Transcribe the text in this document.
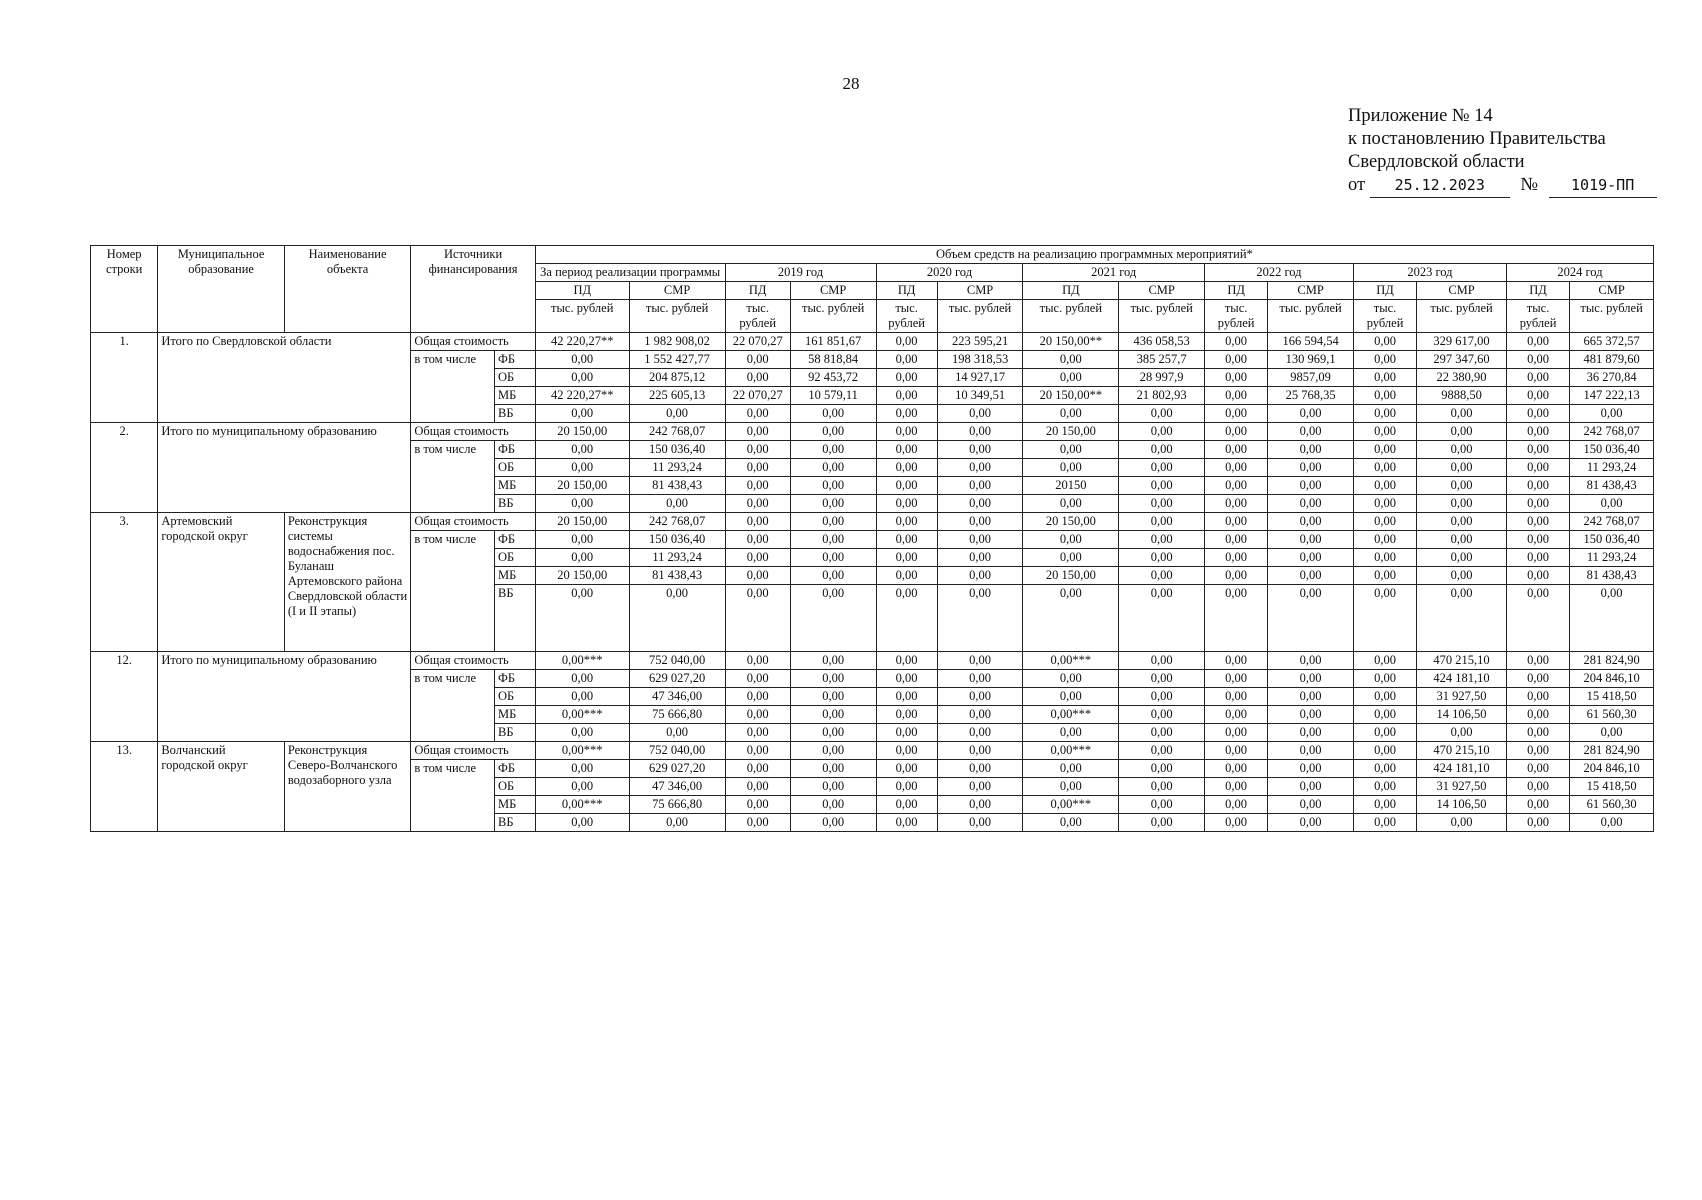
28
Приложение № 14
к постановлению Правительства
Свердловской области
от 25.12.2023 № 1019-ПП
Номер строки	Муниципальное образование	Наименование объекта	Источники финансирования		Объем средств на реализацию программных мероприятий*													
					За период реализации программы		2019 год		2020 год		2021 год		2022 год		2023 год		2024 год	
					ПД	СМР	ПД	СМР	ПД	СМР	ПД	СМР	ПД	СМР	ПД	СМР	ПД	СМР
					тыс. рублей	тыс. рублей	тыс. рублей	тыс. рублей	тыс. рублей	тыс. рублей	тыс. рублей	тыс. рублей	тыс. рублей	тыс. рублей	тыс. рублей	тыс. рублей	тыс. рублей	тыс. рублей
1.	Итого по Свердловской области		Общая стоимость		42 220,27**	1 982 908,02	22 070,27	161 851,67	0,00	223 595,21	20 150,00**	436 058,53	0,00	166 594,54	0,00	329 617,00	0,00	665 372,57
			в том числе	ФБ	0,00	1 552 427,77	0,00	58 818,84	0,00	198 318,53	0,00	385 257,7	0,00	130 969,1	0,00	297 347,60	0,00	481 879,60
				ОБ	0,00	204 875,12	0,00	92 453,72	0,00	14 927,17	0,00	28 997,9	0,00	9857,09	0,00	22 380,90	0,00	36 270,84
				МБ	42 220,27**	225 605,13	22 070,27	10 579,11	0,00	10 349,51	20 150,00**	21 802,93	0,00	25 768,35	0,00	9888,50	0,00	147 222,13
				ВБ	0,00	0,00	0,00	0,00	0,00	0,00	0,00	0,00	0,00	0,00	0,00	0,00	0,00	0,00
2.	Итого по муниципальному образованию		Общая стоимость		20 150,00	242 768,07	0,00	0,00	0,00	0,00	20 150,00	0,00	0,00	0,00	0,00	0,00	0,00	242 768,07
			в том числе	ФБ	0,00	150 036,40	0,00	0,00	0,00	0,00	0,00	0,00	0,00	0,00	0,00	0,00	0,00	150 036,40
				ОБ	0,00	11 293,24	0,00	0,00	0,00	0,00	0,00	0,00	0,00	0,00	0,00	0,00	0,00	11 293,24
				МБ	20 150,00	81 438,43	0,00	0,00	0,00	0,00	20150	0,00	0,00	0,00	0,00	0,00	0,00	81 438,43
				ВБ	0,00	0,00	0,00	0,00	0,00	0,00	0,00	0,00	0,00	0,00	0,00	0,00	0,00	0,00
3.	Артемовский городской округ	Реконструкция системы водоснабжения пос. Буланаш Артемовского района Свердловской области (I и II этапы)	Общая стоимость		20 150,00	242 768,07	0,00	0,00	0,00	0,00	20 150,00	0,00	0,00	0,00	0,00	0,00	0,00	242 768,07
			в том числе	ФБ	0,00	150 036,40	0,00	0,00	0,00	0,00	0,00	0,00	0,00	0,00	0,00	0,00	0,00	150 036,40
				ОБ	0,00	11 293,24	0,00	0,00	0,00	0,00	0,00	0,00	0,00	0,00	0,00	0,00	0,00	11 293,24
				МБ	20 150,00	81 438,43	0,00	0,00	0,00	0,00	20 150,00	0,00	0,00	0,00	0,00	0,00	0,00	81 438,43
				ВБ	0,00	0,00	0,00	0,00	0,00	0,00	0,00	0,00	0,00	0,00	0,00	0,00	0,00	0,00
12.	Итого по муниципальному образованию		Общая стоимость		0,00***	752 040,00	0,00	0,00	0,00	0,00	0,00***	0,00	0,00	0,00	0,00	470 215,10	0,00	281 824,90
			в том числе	ФБ	0,00	629 027,20	0,00	0,00	0,00	0,00	0,00	0,00	0,00	0,00	0,00	424 181,10	0,00	204 846,10
				ОБ	0,00	47 346,00	0,00	0,00	0,00	0,00	0,00	0,00	0,00	0,00	0,00	31 927,50	0,00	15 418,50
				МБ	0,00***	75 666,80	0,00	0,00	0,00	0,00	0,00***	0,00	0,00	0,00	0,00	14 106,50	0,00	61 560,30
				ВБ	0,00	0,00	0,00	0,00	0,00	0,00	0,00	0,00	0,00	0,00	0,00	0,00	0,00	0,00
13.	Волчанский городской округ	Реконструкция Северо-Волчанского водозаборного узла	Общая стоимость		0,00***	752 040,00	0,00	0,00	0,00	0,00	0,00***	0,00	0,00	0,00	0,00	470 215,10	0,00	281 824,90
			в том числе	ФБ	0,00	629 027,20	0,00	0,00	0,00	0,00	0,00	0,00	0,00	0,00	0,00	424 181,10	0,00	204 846,10
				ОБ	0,00	47 346,00	0,00	0,00	0,00	0,00	0,00	0,00	0,00	0,00	0,00	31 927,50	0,00	15 418,50
				МБ	0,00***	75 666,80	0,00	0,00	0,00	0,00	0,00***	0,00	0,00	0,00	0,00	14 106,50	0,00	61 560,30
				ВБ	0,00	0,00	0,00	0,00	0,00	0,00	0,00	0,00	0,00	0,00	0,00	0,00	0,00	0,00
